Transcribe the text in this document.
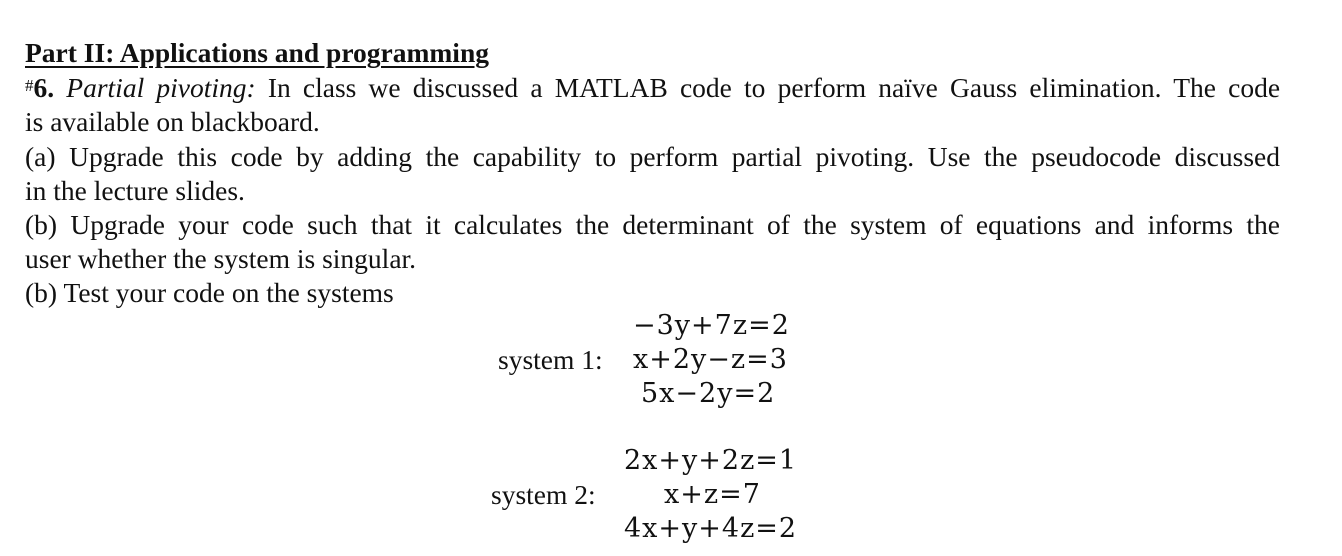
Part II: Applications and programming
#6. Partial pivoting: In class we discussed a MATLAB code to perform naïve Gauss elimination. The code
is available on blackboard.
(a) Upgrade this code by adding the capability to perform partial pivoting. Use the pseudocode discussed
in the lecture slides.
(b) Upgrade your code such that it calculates the determinant of the system of equations and informs the
user whether the system is singular.
(b) Test your code on the systems
system 1:
−3y+7z=2
x+2y−z=3
5x−2y=2
system 2:
2x+y+2z=1
x+z=7
4x+y+4z=2
